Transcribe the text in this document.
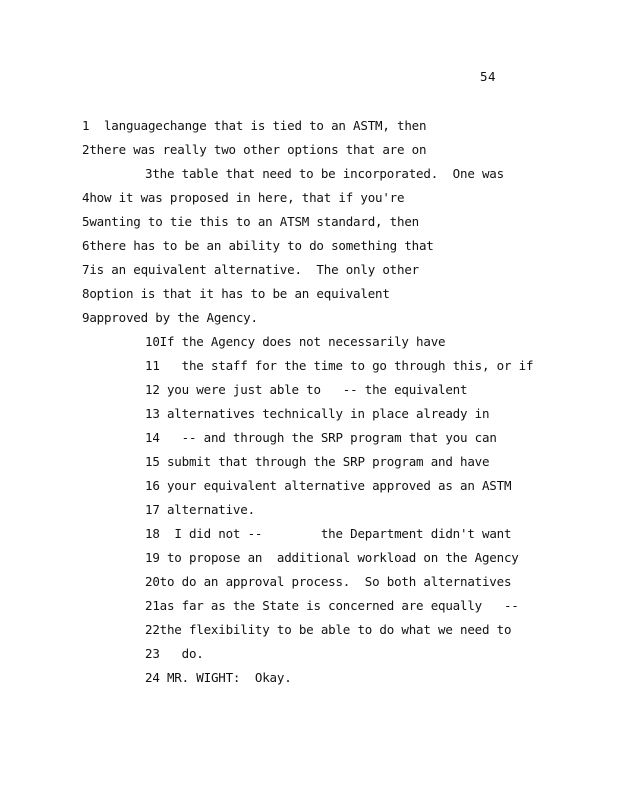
54
1 languagechange that is tied to an ASTM, then
2there was really two other options that are on
3the table that need to be incorporated.  One was
4how it was proposed in here, that if you're
5wanting to tie this to an ATSM standard, then
6there has to be an ability to do something that
7is an equivalent alternative.  The only other
8option is that it has to be an equivalent
9approved by the Agency.
10If the Agency does not necessarily have
11 the staff for the time to go through this, or if
12 you were just able to   -- the equivalent
13 alternatives technically in place already in
14 -- and through the SRP program that you can
15 submit that through the SRP program and have
16 your equivalent alternative approved as an ASTM
17 alternative.
18 I did not --        the Department didn't want
19 to propose an  additional workload on the Agency
20to do an approval process.  So both alternatives
21as far as the State is concerned are equally   --
22the flexibility to be able to do what we need to
23 do.
24 MR. WIGHT:  Okay.
